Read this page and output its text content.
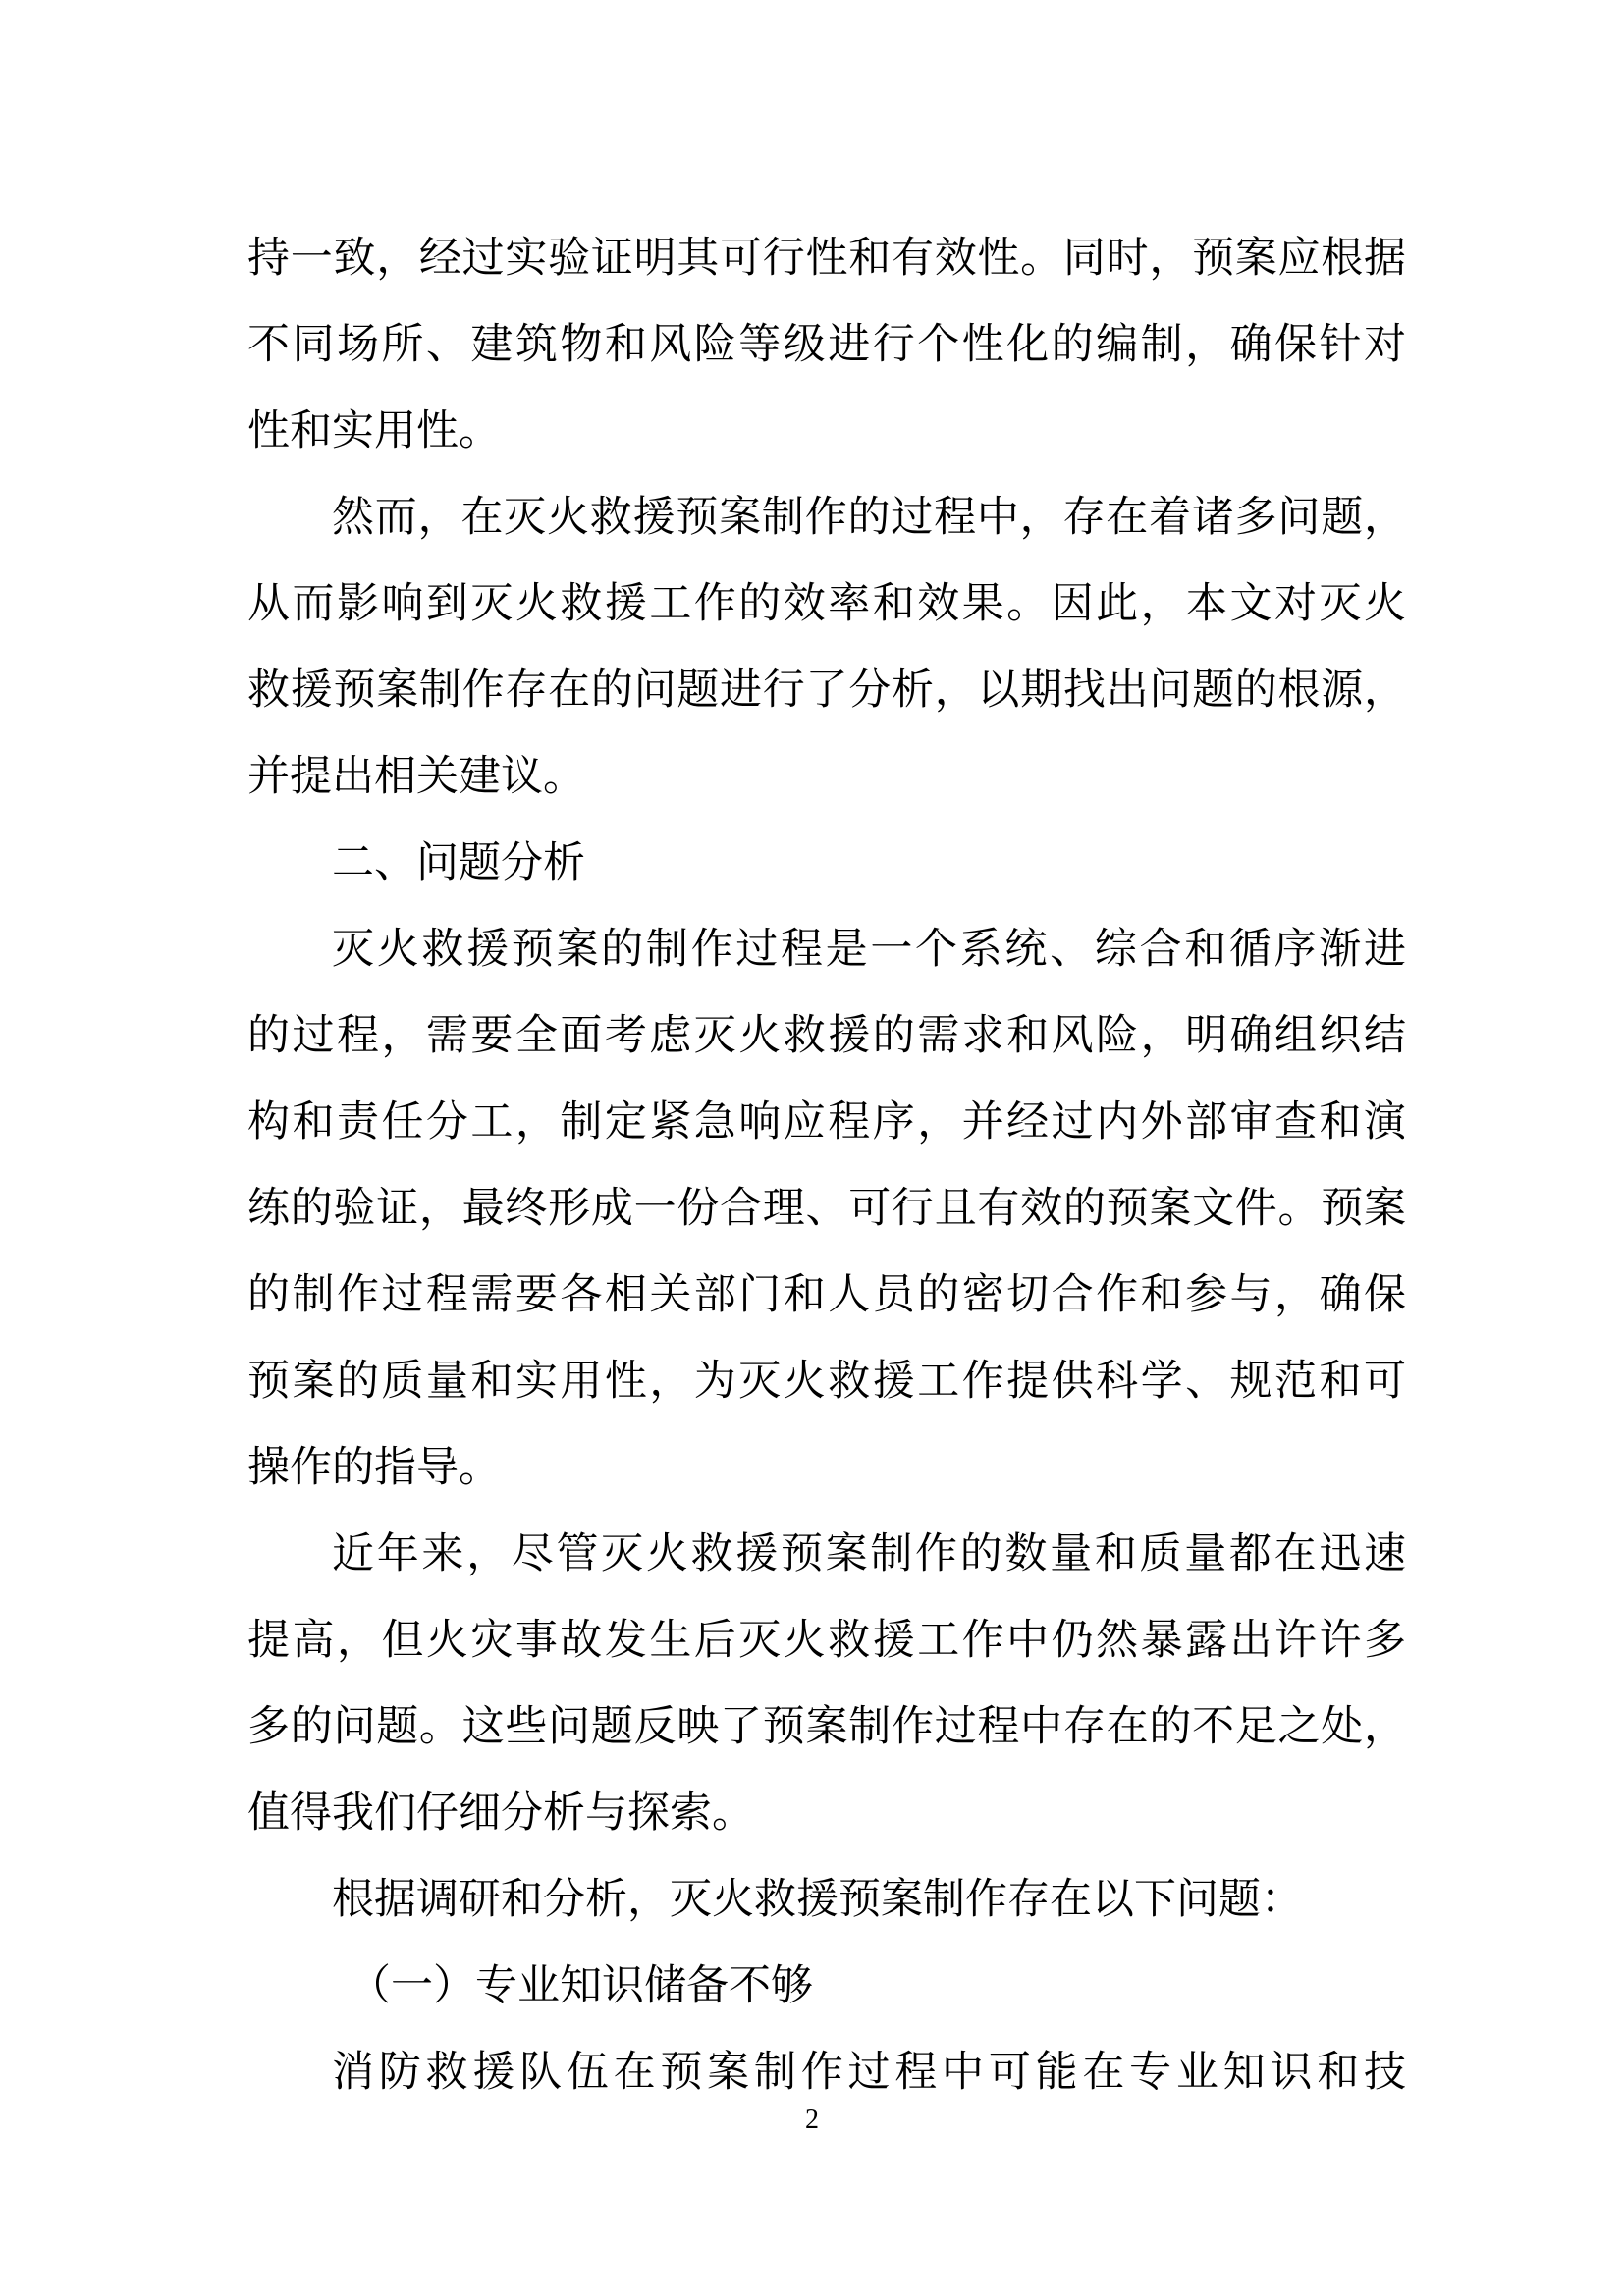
持一致，经过实验证明其可行性和有效性。同时，预案应根据
不同场所、建筑物和风险等级进行个性化的编制，确保针对
性和实用性。
然而，在灭火救援预案制作的过程中，存在着诸多问题，
从而影响到灭火救援工作的效率和效果。因此，本文对灭火
救援预案制作存在的问题进行了分析，以期找出问题的根源，
并提出相关建议。
二、问题分析
灭火救援预案的制作过程是一个系统、综合和循序渐进
的过程，需要全面考虑灭火救援的需求和风险，明确组织结
构和责任分工，制定紧急响应程序，并经过内外部审查和演
练的验证，最终形成一份合理、可行且有效的预案文件。预案
的制作过程需要各相关部门和人员的密切合作和参与，确保
预案的质量和实用性，为灭火救援工作提供科学、规范和可
操作的指导。
近年来，尽管灭火救援预案制作的数量和质量都在迅速
提高，但火灾事故发生后灭火救援工作中仍然暴露出许许多
多的问题。这些问题反映了预案制作过程中存在的不足之处，
值得我们仔细分析与探索。
根据调研和分析，灭火救援预案制作存在以下问题：
（一）专业知识储备不够
消防救援队伍在预案制作过程中可能在专业知识和技
2
